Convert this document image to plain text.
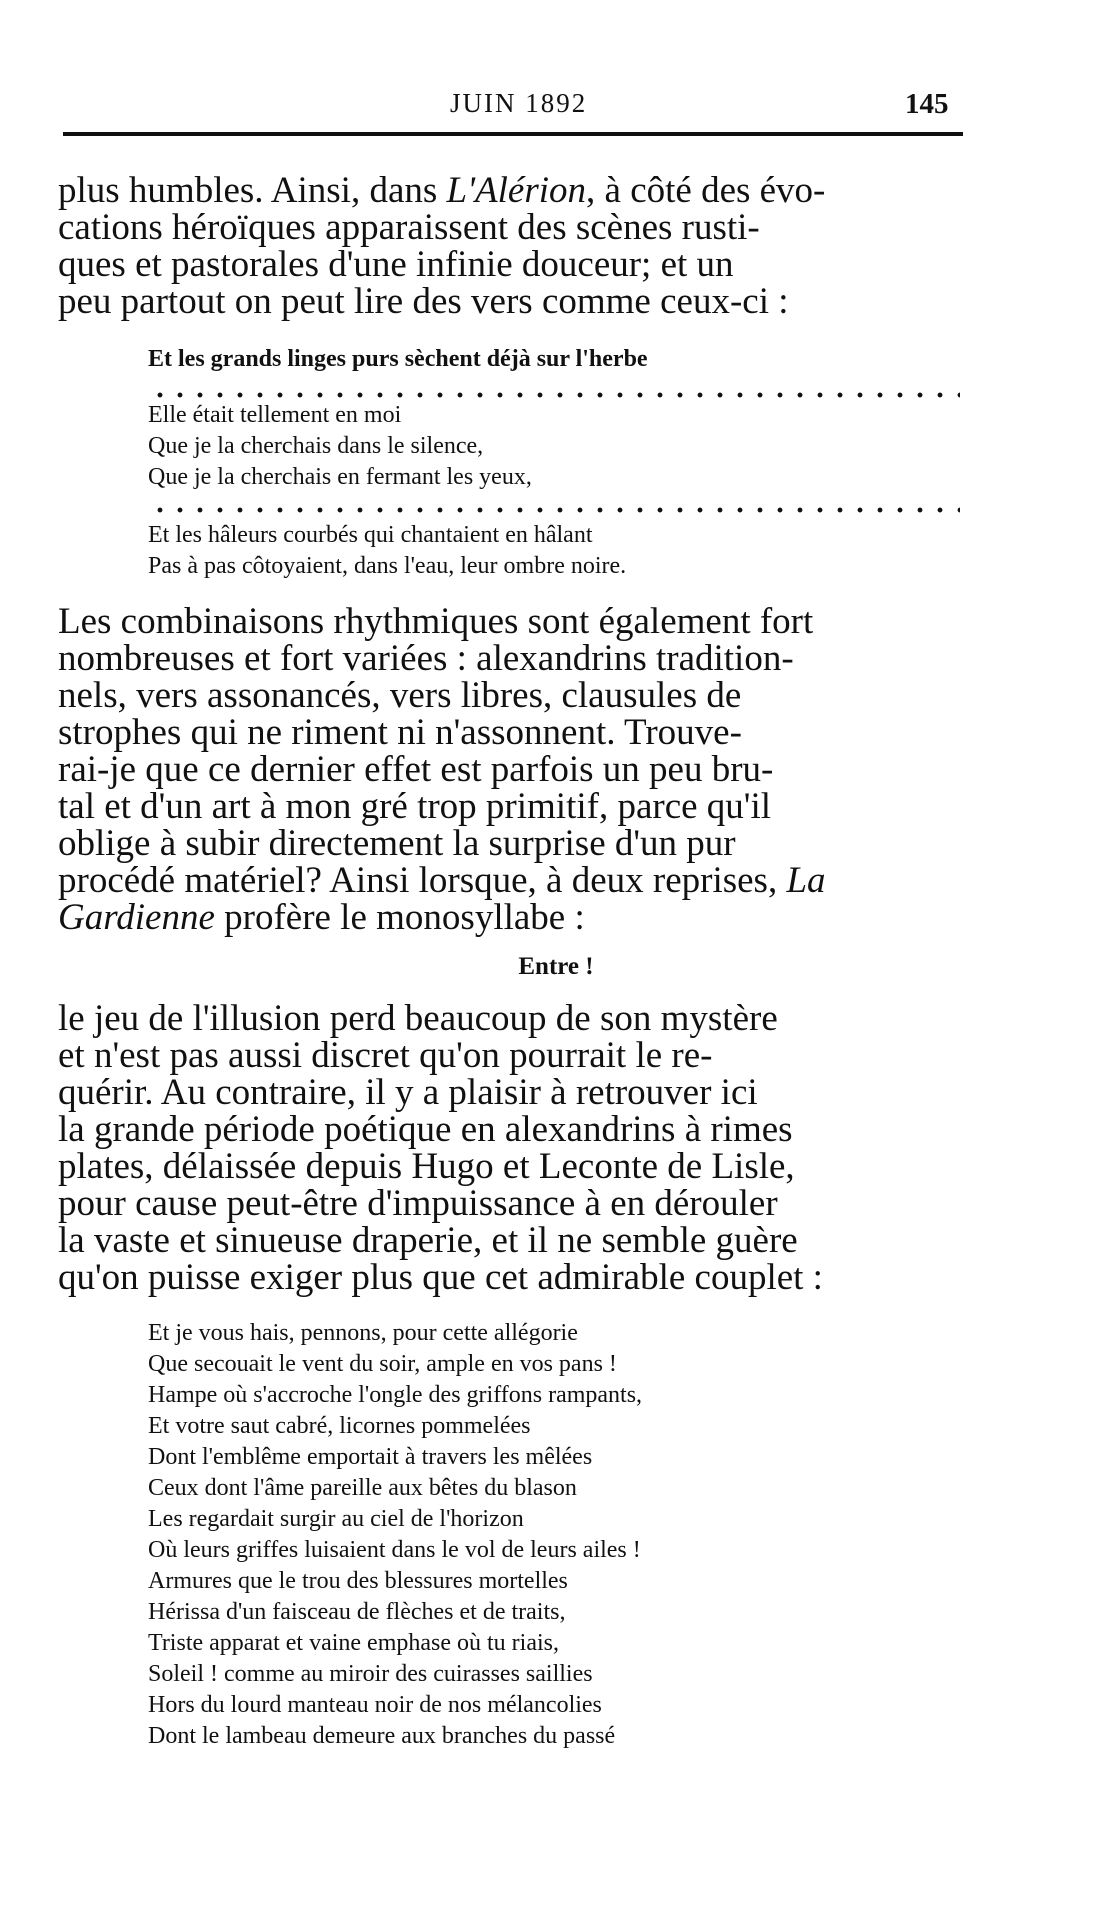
JUIN 1892	145
plus humbles. Ainsi, dans L'Alérion, à côté des évo-
cations héroïques apparaissent des scènes rusti-
ques et pastorales d'une infinie douceur; et un
peu partout on peut lire des vers comme ceux-ci :
Et les grands linges purs sèchent déjà sur l'herbe
Elle était tellement en moi
Que je la cherchais dans le silence,
Que je la cherchais en fermant les yeux,
Et les hâleurs courbés qui chantaient en hâlant
Pas à pas côtoyaient, dans l'eau, leur ombre noire.
Les combinaisons rhythmiques sont également fort
nombreuses et fort variées : alexandrins tradition-
nels, vers assonancés, vers libres, clausules de
strophes qui ne riment ni n'assonnent. Trouve-
rai-je que ce dernier effet est parfois un peu bru-
tal et d'un art à mon gré trop primitif, parce qu'il
oblige à subir directement la surprise d'un pur
procédé matériel? Ainsi lorsque, à deux reprises, La
Gardienne profère le monosyllabe :
Entre !
le jeu de l'illusion perd beaucoup de son mystère
et n'est pas aussi discret qu'on pourrait le re-
quérir. Au contraire, il y a plaisir à retrouver ici
la grande période poétique en alexandrins à rimes
plates, délaissée depuis Hugo et Leconte de Lisle,
pour cause peut-être d'impuissance à en dérouler
la vaste et sinueuse draperie, et il ne semble guère
qu'on puisse exiger plus que cet admirable couplet :
Et je vous hais, pennons, pour cette allégorie
Que secouait le vent du soir, ample en vos pans !
Hampe où s'accroche l'ongle des griffons rampants,
Et votre saut cabré, licornes pommelées
Dont l'emblême emportait à travers les mêlées
Ceux dont l'âme pareille aux bêtes du blason
Les regardait surgir au ciel de l'horizon
Où leurs griffes luisaient dans le vol de leurs ailes !
Armures que le trou des blessures mortelles
Hérissa d'un faisceau de flèches et de traits,
Triste apparat et vaine emphase où tu riais,
Soleil ! comme au miroir des cuirasses saillies
Hors du lourd manteau noir de nos mélancolies
Dont le lambeau demeure aux branches du passé
